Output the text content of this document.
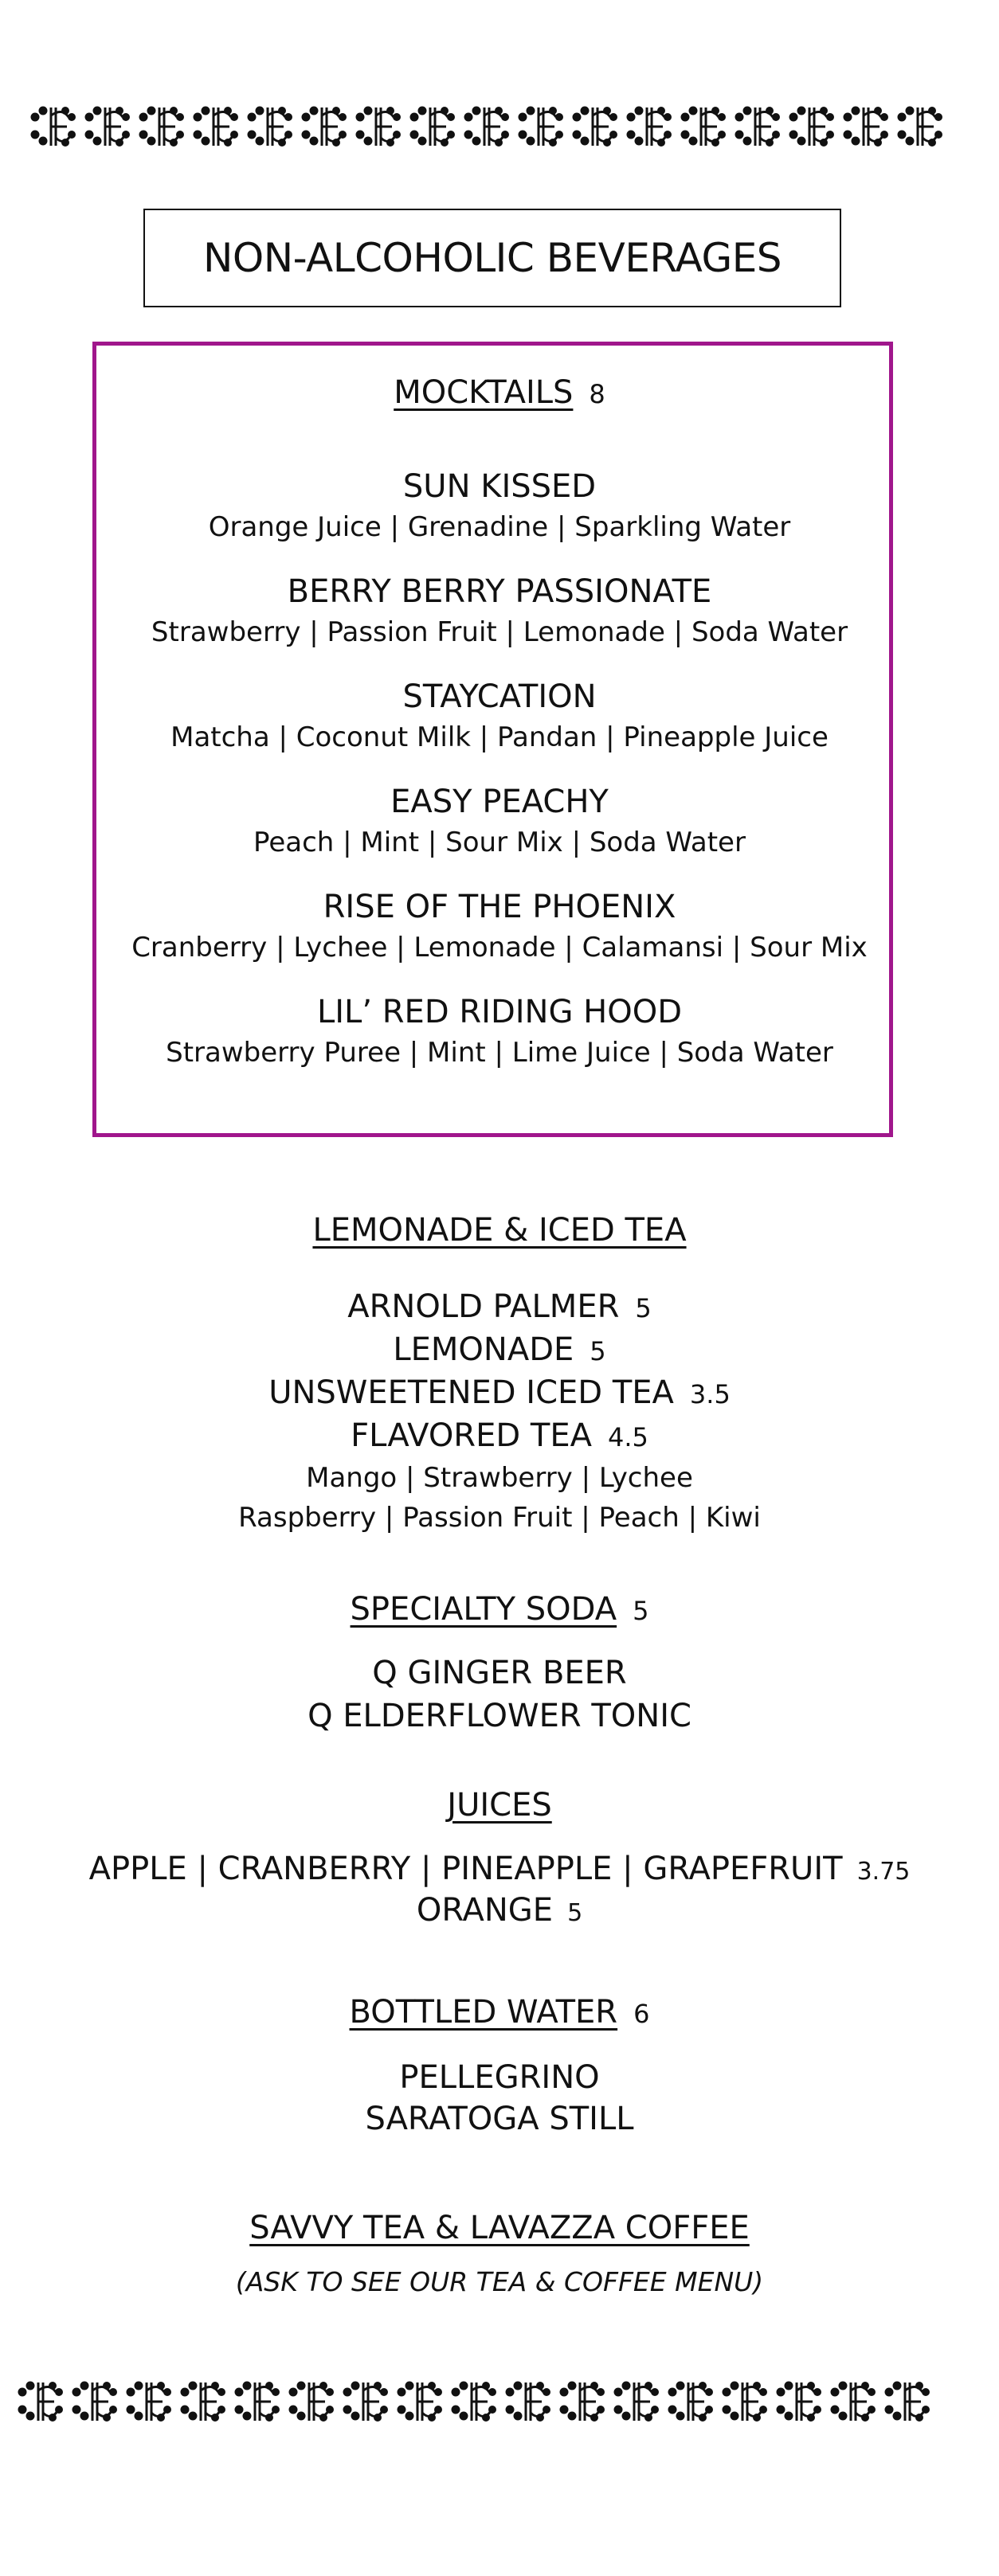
NON-ALCOHOLIC BEVERAGES
MOCKTAILS 8
SUN KISSED
Orange Juice | Grenadine | Sparkling Water
BERRY BERRY PASSIONATE
Strawberry | Passion Fruit | Lemonade | Soda Water
STAYCATION
Matcha | Coconut Milk | Pandan | Pineapple Juice
EASY PEACHY
Peach | Mint | Sour Mix | Soda Water
RISE OF THE PHOENIX
Cranberry | Lychee | Lemonade | Calamansi | Sour Mix
LIL’ RED RIDING HOOD
Strawberry Puree | Mint | Lime Juice | Soda Water
LEMONADE & ICED TEA
ARNOLD PALMER 5
LEMONADE 5
UNSWEETENED ICED TEA 3.5
FLAVORED TEA 4.5
Mango | Strawberry | Lychee
Raspberry | Passion Fruit | Peach | Kiwi
SPECIALTY SODA 5
Q GINGER BEER
Q ELDERFLOWER TONIC
JUICES
APPLE | CRANBERRY | PINEAPPLE | GRAPEFRUIT 3.75
ORANGE 5
BOTTLED WATER 6
PELLEGRINO
SARATOGA STILL
SAVVY TEA & LAVAZZA COFFEE
(ASK TO SEE OUR TEA & COFFEE MENU)
